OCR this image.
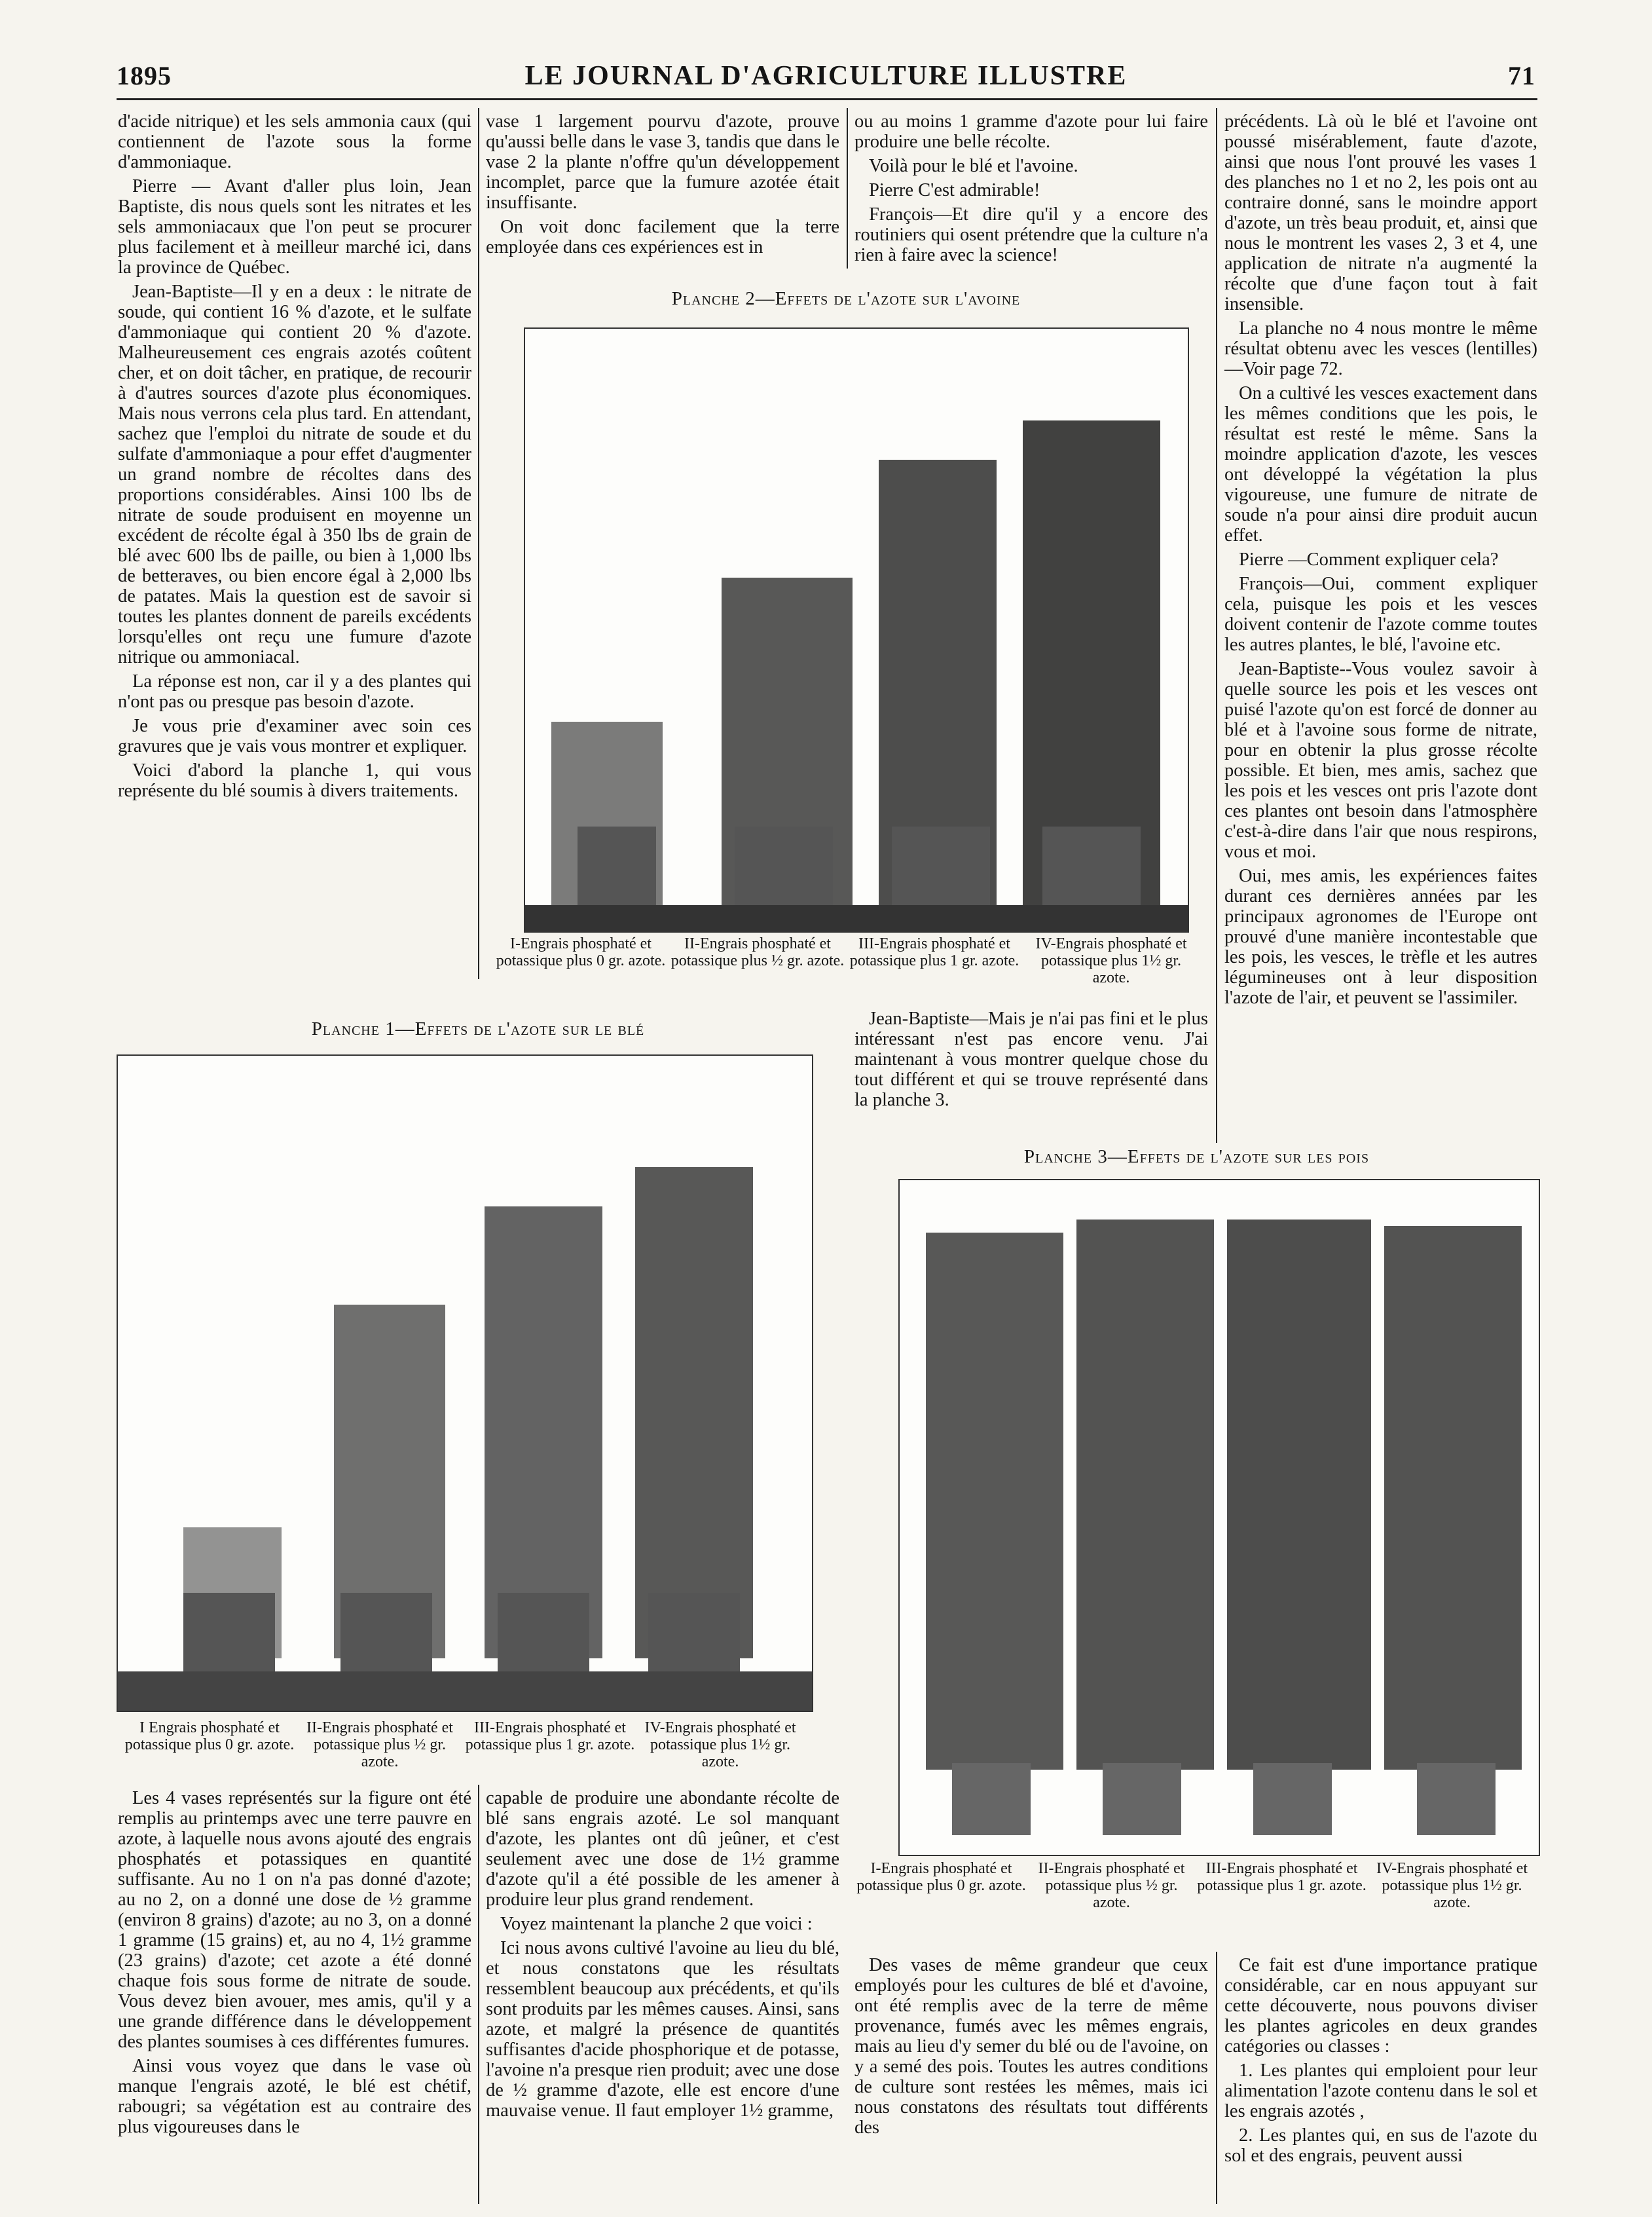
1895	LE JOURNAL D'AGRICULTURE ILLUSTRE	71

d'acide nitrique) et les sels ammonia caux (qui contiennent de l'azote sous la forme d'ammoniaque.

Pierre — Avant d'aller plus loin, Jean Baptiste, dis nous quels sont les nitrates et les sels ammoniacaux que l'on peut se procurer plus facilement et à meilleur marché ici, dans la province de Québec.

Jean-Baptiste—Il y en a deux : le nitrate de soude, qui contient 16 % d'azote, et le sulfate d'ammoniaque qui contient 20 % d'azote. Malheureusement ces engrais azotés coûtent cher, et on doit tâcher, en pratique, de recourir à d'autres sources d'azote plus économiques. Mais nous verrons cela plus tard. En attendant, sachez que l'emploi du nitrate de soude et du sulfate d'ammoniaque a pour effet d'augmenter un grand nombre de récoltes dans des proportions considérables. Ainsi 100 lbs de nitrate de soude produisent en moyenne un excédent de récolte égal à 350 lbs de grain de blé avec 600 lbs de paille, ou bien à 1,000 lbs de betteraves, ou bien encore égal à 2,000 lbs de patates. Mais la question est de savoir si toutes les plantes donnent de pareils excédents lorsqu'elles ont reçu une fumure d'azote nitrique ou ammoniacal.

La réponse est non, car il y a des plantes qui n'ont pas ou presque pas besoin d'azote.

Je vous prie d'examiner avec soin ces gravures que je vais vous montrer et expliquer.

Voici d'abord la planche 1, qui vous représente du blé soumis à divers traitements.

vase 1 largement pourvu d'azote, prouve qu'aussi belle dans le vase 3, tandis que dans le vase 2 la plante n'offre qu'un développement incomplet, parce que la fumure azotée était insuffisante.

On voit donc facilement que la terre employée dans ces expériences est in

ou au moins 1 gramme d'azote pour lui faire produire une belle récolte.

Voilà pour le blé et l'avoine.

Pierre C'est admirable!

François—Et dire qu'il y a encore des routiniers qui osent prétendre que la culture n'a rien à faire avec la science!

précédents. Là où le blé et l'avoine ont poussé misérablement, faute d'azote, ainsi que nous l'ont prouvé les vases 1 des planches no 1 et no 2, les pois ont au contraire donné, sans le moindre apport d'azote, un très beau produit, et, ainsi que nous le montrent les vases 2, 3 et 4, une application de nitrate n'a augmenté la récolte que d'une façon tout à fait insensible.

La planche no 4 nous montre le même résultat obtenu avec les vesces (lentilles) —Voir page 72.

On a cultivé les vesces exactement dans les mêmes conditions que les pois, le résultat est resté le même. Sans la moindre application d'azote, les vesces ont développé la végétation la plus vigoureuse, une fumure de nitrate de soude n'a pour ainsi dire produit aucun effet.

Pierre —Comment expliquer cela?

François—Oui, comment expliquer cela, puisque les pois et les vesces doivent contenir de l'azote comme toutes les autres plantes, le blé, l'avoine etc.

Jean-Baptiste--Vous voulez savoir à quelle source les pois et les vesces ont puisé l'azote qu'on est forcé de donner au blé et à l'avoine sous forme de nitrate, pour en obtenir la plus grosse récolte possible. Et bien, mes amis, sachez que les pois et les vesces ont pris l'azote dont ces plantes ont besoin dans l'atmosphère c'est-à-dire dans l'air que nous respirons, vous et moi.

Oui, mes amis, les expériences faites durant ces dernières années par les principaux agronomes de l'Europe ont prouvé d'une manière incontestable que les pois, les vesces, le trèfle et les autres légumineuses ont à leur disposition l'azote de l'air, et peuvent se l'assimiler.

Planche 2—Effets de l'azote sur l'avoine
I-Engrais phosphaté et potassique plus 0 gr. azote.II-Engrais phosphaté et potassique plus ½ gr. azote.III-Engrais phosphaté et potassique plus 1 gr. azote.IV-Engrais phosphaté et potassique plus 1½ gr. azote.

Jean-Baptiste—Mais je n'ai pas fini et le plus intéressant n'est pas encore venu. J'ai maintenant à vous montrer quelque chose du tout différent et qui se trouve représenté dans la planche 3.

Planche 1—Effets de l'azote sur le blé
I Engrais phosphaté et potassique plus 0 gr. azote.II-Engrais phosphaté et potassique plus ½ gr. azote.III-Engrais phosphaté et potassique plus 1 gr. azote.IV-Engrais phosphaté et potassique plus 1½ gr. azote.
Planche 3—Effets de l'azote sur les pois
I-Engrais phosphaté et potassique plus 0 gr. azote.II-Engrais phosphaté et potassique plus ½ gr. azote.III-Engrais phosphaté et potassique plus 1 gr. azote.IV-Engrais phosphaté et potassique plus 1½ gr. azote.

Les 4 vases représentés sur la figure ont été remplis au printemps avec une terre pauvre en azote, à laquelle nous avons ajouté des engrais phosphatés et potassiques en quantité suffisante. Au no 1 on n'a pas donné d'azote; au no 2, on a donné une dose de ½ gramme (environ 8 grains) d'azote; au no 3, on a donné 1 gramme (15 grains) et, au no 4, 1½ gramme (23 grains) d'azote; cet azote a été donné chaque fois sous forme de nitrate de soude. Vous devez bien avouer, mes amis, qu'il y a une grande différence dans le développement des plantes soumises à ces différentes fumures.

Ainsi vous voyez que dans le vase où manque l'engrais azoté, le blé est chétif, rabougri; sa végétation est au contraire des plus vigoureuses dans le

capable de produire une abondante récolte de blé sans engrais azoté. Le sol manquant d'azote, les plantes ont dû jeûner, et c'est seulement avec une dose de 1½ gramme d'azote qu'il a été possible de les amener à produire leur plus grand rendement.

Voyez maintenant la planche 2 que voici :

Ici nous avons cultivé l'avoine au lieu du blé, et nous constatons que les résultats ressemblent beaucoup aux précédents, et qu'ils sont produits par les mêmes causes. Ainsi, sans azote, et malgré la présence de quantités suffisantes d'acide phosphorique et de potasse, l'avoine n'a presque rien produit; avec une dose de ½ gramme d'azote, elle est encore d'une mauvaise venue. Il faut employer 1½ gramme,

Des vases de même grandeur que ceux employés pour les cultures de blé et d'avoine, ont été remplis avec de la terre de même provenance, fumés avec les mêmes engrais, mais au lieu d'y semer du blé ou de l'avoine, on y a semé des pois. Toutes les autres conditions de culture sont restées les mêmes, mais ici nous constatons des résultats tout différents des

Ce fait est d'une importance pratique considérable, car en nous appuyant sur cette découverte, nous pouvons diviser les plantes agricoles en deux grandes catégories ou classes :

1. Les plantes qui emploient pour leur alimentation l'azote contenu dans le sol et les engrais azotés ,

2. Les plantes qui, en sus de l'azote du sol et des engrais, peuvent aussi
